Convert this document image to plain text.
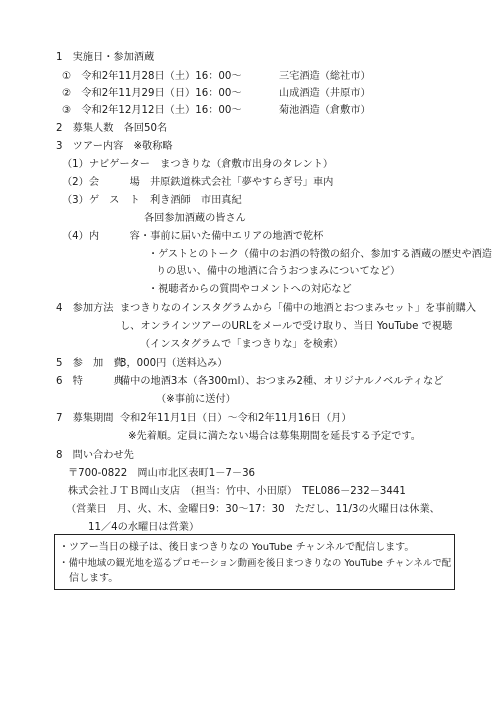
1　実施日・参加酒蔵
①　令和2年11月28日（土）16：00〜	三宅酒造（総社市）
②　令和2年11月29日（日）16：00〜	山成酒造（井原市）
③　令和2年12月12日（土）16：00〜	菊池酒造（倉敷市）
2　募集人数　各回50名
3　ツアー内容　※敬称略
（1）ナビゲーター　まつきりな（倉敷市出身のタレント）
（2）会　　　場　井原鉄道株式会社「夢やすらぎ号」車内
（3）ゲ　ス　ト　利き酒師　市田真紀
各回参加酒蔵の皆さん
（4）内　　　容 ・事前に届いた備中エリアの地酒で乾杯
・ゲストとのトーク（備中のお酒の特徴の紹介、参加する酒蔵の歴史や酒造
りの思い、備中の地酒に合うおつまみについてなど）
・視聴者からの質問やコメントへの対応など
4　参加方法 まつきりなのインスタグラムから「備中の地酒とおつまみセット」を事前購入
し、オンラインツアーのURLをメールで受け取り、当日 YouTube で視聴
（インスタグラムで「まつきりな」を検索）
5　参　加　費
3，000円（送料込み）
6　特　　　典
備中の地酒3本（各300ｍl）、おつまみ2種、オリジナルノベルティなど
（※事前に送付）
7　募集期間 令和2年11月1日（日）〜令和2年11月16日（月）
※先着順。定員に満たない場合は募集期間を延長する予定です。
8　問い合わせ先
〒700-0822　岡山市北区表町1－7－36
株式会社ＪＴＢ岡山支店　（担当：竹中、小田原）　TEL086－232－3441
（営業日　月、火、木、金曜日9：30〜17：30　ただし、11/3の火曜日は休業、
11／4の水曜日は営業）
・ツアー当日の様子は、後日まつきりなの YouTube チャンネルで配信します。
・備中地域の観光地を巡るプロモーション動画を後日まつきりなの YouTube チャンネルで配
信します。
